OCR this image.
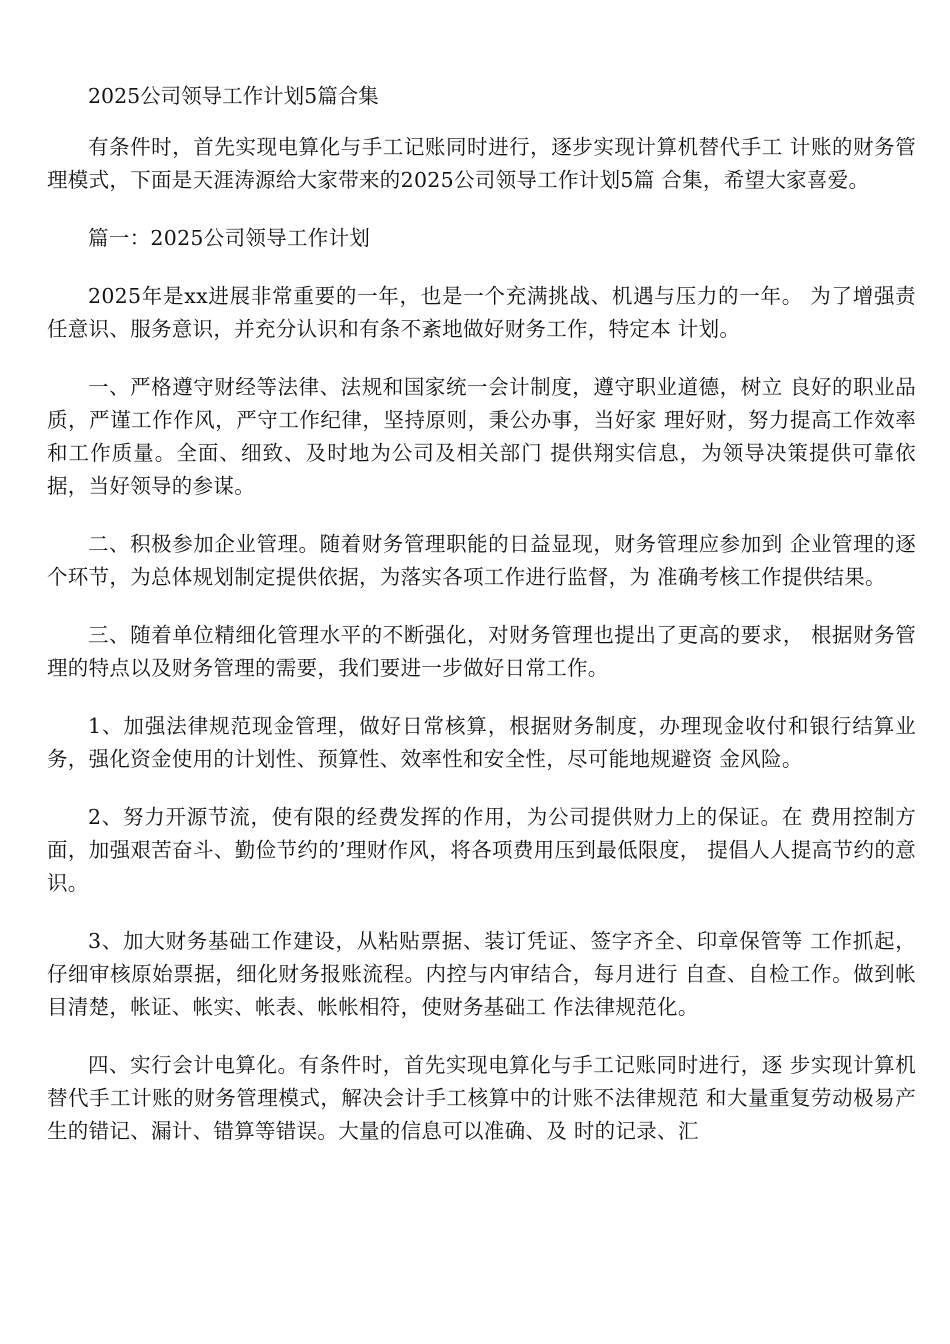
2025公司领导工作计划5篇合集

有条件时，首先实现电算化与手工记账同时进行，逐步实现计算机替代手工 计账的财务管理模式，下面是天涯涛源给大家带来的2025公司领导工作计划5篇 合集，希望大家喜爱。

篇一：2025公司领导工作计划

2025年是xx进展非常重要的一年，也是一个充满挑战、机遇与压力的一年。 为了增强责任意识、服务意识，并充分认识和有条不紊地做好财务工作，特定本 计划。

一、严格遵守财经等法律、法规和国家统一会计制度，遵守职业道德，树立 良好的职业品质，严谨工作作风，严守工作纪律，坚持原则，秉公办事，当好家 理好财，努力提高工作效率和工作质量。全面、细致、及时地为公司及相关部门 提供翔实信息，为领导决策提供可靠依据，当好领导的参谋。

二、积极参加企业管理。随着财务管理职能的日益显现，财务管理应参加到 企业管理的逐个环节，为总体规划制定提供依据，为落实各项工作进行监督，为 准确考核工作提供结果。

三、随着单位精细化管理水平的不断强化，对财务管理也提出了更高的要求， 根据财务管理的特点以及财务管理的需要，我们要进一步做好日常工作。

1、加强法律规范现金管理，做好日常核算，根据财务制度，办理现金收付和银行结算业务，强化资金使用的计划性、预算性、效率性和安全性，尽可能地规避资 金风险。

2、努力开源节流，使有限的经费发挥的作用，为公司提供财力上的保证。在 费用控制方面，加强艰苦奋斗、勤俭节约的’理财作风，将各项费用压到最低限度， 提倡人人提高节约的意识。

3、加大财务基础工作建设，从粘贴票据、装订凭证、签字齐全、印章保管等 工作抓起，仔细审核原始票据，细化财务报账流程。内控与内审结合，每月进行 自查、自检工作。做到帐目清楚，帐证、帐实、帐表、帐帐相符，使财务基础工 作法律规范化。

四、实行会计电算化。有条件时，首先实现电算化与手工记账同时进行，逐 步实现计算机替代手工计账的财务管理模式，解决会计手工核算中的计账不法律规范 和大量重复劳动极易产生的错记、漏计、错算等错误。大量的信息可以准确、及 时的记录、汇
